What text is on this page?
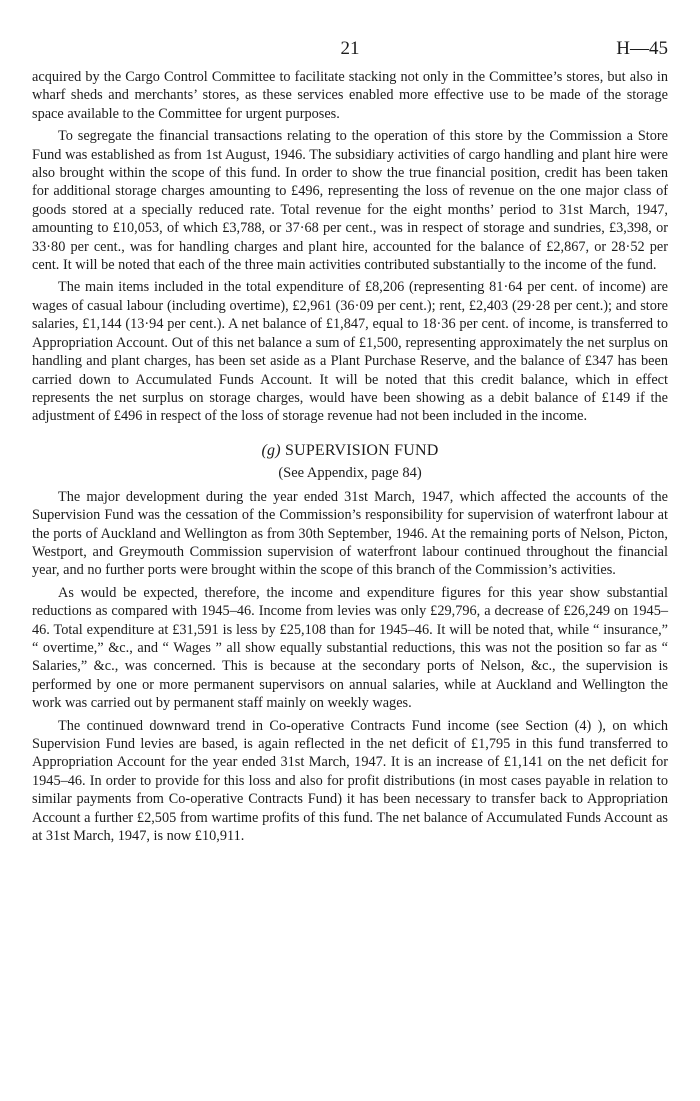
21	H—45

acquired by the Cargo Control Committee to facilitate stacking not only in the Committee’s stores, but also in wharf sheds and merchants’ stores, as these services enabled more effective use to be made of the storage space available to the Committee for urgent purposes.

To segregate the financial transactions relating to the operation of this store by the Commission a Store Fund was established as from 1st August, 1946. The subsidiary activities of cargo handling and plant hire were also brought within the scope of this fund. In order to show the true financial position, credit has been taken for additional storage charges amounting to £496, representing the loss of revenue on the one major class of goods stored at a specially reduced rate. Total revenue for the eight months’ period to 31st March, 1947, amounting to £10,053, of which £3,788, or 37·68 per cent., was in respect of storage and sundries, £3,398, or 33·80 per cent., was for handling charges and plant hire, accounted for the balance of £2,867, or 28·52 per cent. It will be noted that each of the three main activities contributed substantially to the income of the fund.

The main items included in the total expenditure of £8,206 (representing 81·64 per cent. of income) are wages of casual labour (including overtime), £2,961 (36·09 per cent.); rent, £2,403 (29·28 per cent.); and store salaries, £1,144 (13·94 per cent.). A net balance of £1,847, equal to 18·36 per cent. of income, is transferred to Appropriation Account. Out of this net balance a sum of £1,500, representing approximately the net surplus on handling and plant charges, has been set aside as a Plant Purchase Reserve, and the balance of £347 has been carried down to Accumulated Funds Account. It will be noted that this credit balance, which in effect represents the net surplus on storage charges, would have been showing as a debit balance of £149 if the adjustment of £496 in respect of the loss of storage revenue had not been included in the income.

(g) SUPERVISION FUND
(See Appendix, page 84)

The major development during the year ended 31st March, 1947, which affected the accounts of the Supervision Fund was the cessation of the Commission’s responsibility for supervision of waterfront labour at the ports of Auckland and Wellington as from 30th September, 1946. At the remaining ports of Nelson, Picton, Westport, and Greymouth Commission supervision of waterfront labour continued throughout the financial year, and no further ports were brought within the scope of this branch of the Commission’s activities.

As would be expected, therefore, the income and expenditure figures for this year show substantial reductions as compared with 1945–46. Income from levies was only £29,796, a decrease of £26,249 on 1945–46. Total expenditure at £31,591 is less by £25,108 than for 1945–46. It will be noted that, while “ insurance,” “ overtime,” &c., and “ Wages ” all show equally substantial reductions, this was not the position so far as “ Salaries,” &c., was concerned. This is because at the secondary ports of Nelson, &c., the supervision is performed by one or more permanent supervisors on annual salaries, while at Auckland and Wellington the work was carried out by permanent staff mainly on weekly wages.

The continued downward trend in Co-operative Contracts Fund income (see Section (4) ), on which Supervision Fund levies are based, is again reflected in the net deficit of £1,795 in this fund transferred to Appropriation Account for the year ended 31st March, 1947. It is an increase of £1,141 on the net deficit for 1945–46. In order to provide for this loss and also for profit distributions (in most cases payable in relation to similar payments from Co-operative Contracts Fund) it has been necessary to transfer back to Appropriation Account a further £2,505 from wartime profits of this fund. The net balance of Accumulated Funds Account as at 31st March, 1947, is now £10,911.
